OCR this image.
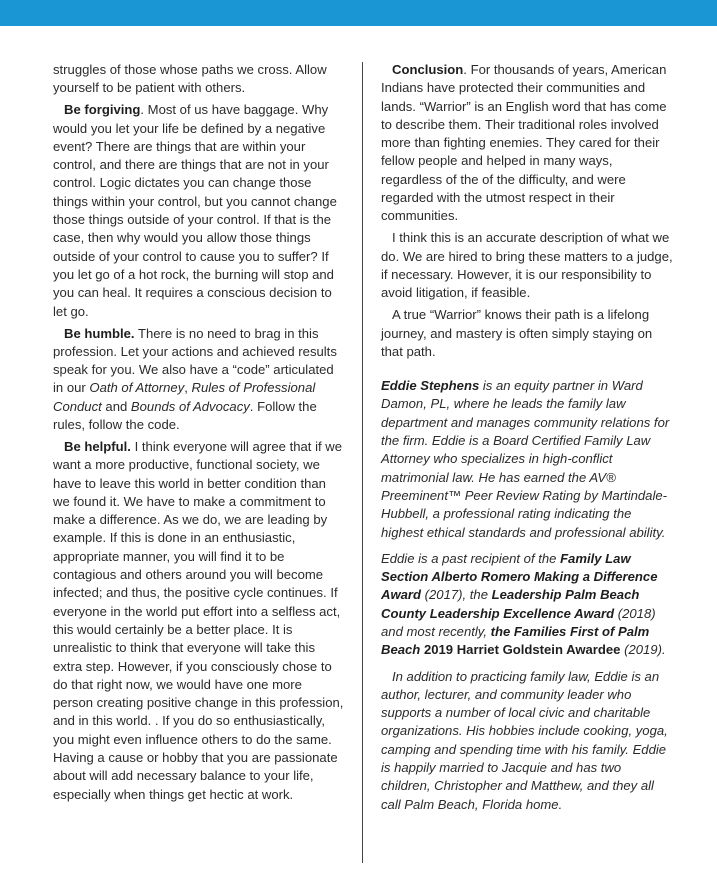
struggles of those whose paths we cross. Allow yourself to be patient with others.

Be forgiving. Most of us have baggage. Why would you let your life be defined by a negative event? There are things that are within your control, and there are things that are not in your control. Logic dictates you can change those things within your control, but you cannot change those things outside of your control. If that is the case, then why would you allow those things outside of your control to cause you to suffer? If you let go of a hot rock, the burning will stop and you can heal. It requires a conscious decision to let go.

Be humble. There is no need to brag in this profession. Let your actions and achieved results speak for you. We also have a “code” articulated in our Oath of Attorney, Rules of Professional Conduct and Bounds of Advocacy. Follow the rules, follow the code.

Be helpful. I think everyone will agree that if we want a more productive, functional society, we have to leave this world in better condition than we found it. We have to make a commitment to make a difference. As we do, we are leading by example. If this is done in an enthusiastic, appropriate manner, you will find it to be contagious and others around you will become infected; and thus, the positive cycle continues. If everyone in the world put effort into a selfless act, this would certainly be a better place. It is unrealistic to think that everyone will take this extra step. However, if you consciously chose to do that right now, we would have one more person creating positive change in this profession, and in this world. . If you do so enthusiastically, you might even influence others to do the same. Having a cause or hobby that you are passionate about will add necessary balance to your life, especially when things get hectic at work.

Conclusion. For thousands of years, American Indians have protected their communities and lands. “Warrior” is an English word that has come to describe them. Their traditional roles involved more than fighting enemies. They cared for their fellow people and helped in many ways, regardless of the of the difficulty, and were regarded with the utmost respect in their communities.

I think this is an accurate description of what we do. We are hired to bring these matters to a judge, if necessary. However, it is our responsibility to avoid litigation, if feasible.

A true “Warrior” knows their path is a lifelong journey, and mastery is often simply staying on that path.

Eddie Stephens is an equity partner in Ward Damon, PL, where he leads the family law department and manages community relations for the firm. Eddie is a Board Certified Family Law Attorney who specializes in high-conflict matrimonial law. He has earned the AV® Preeminent™ Peer Review Rating by Martindale-Hubbell, a professional rating indicating the highest ethical standards and professional ability.

Eddie is a past recipient of the Family Law Section Alberto Romero Making a Difference Award (2017), the Leadership Palm Beach County Leadership Excellence Award (2018) and most recently, the Families First of Palm Beach 2019 Harriet Goldstein Awardee (2019).

In addition to practicing family law, Eddie is an author, lecturer, and community leader who supports a number of local civic and charitable organizations. His hobbies include cooking, yoga, camping and spending time with his family. Eddie is happily married to Jacquie and has two children, Christopher and Matthew, and they all call Palm Beach, Florida home.
